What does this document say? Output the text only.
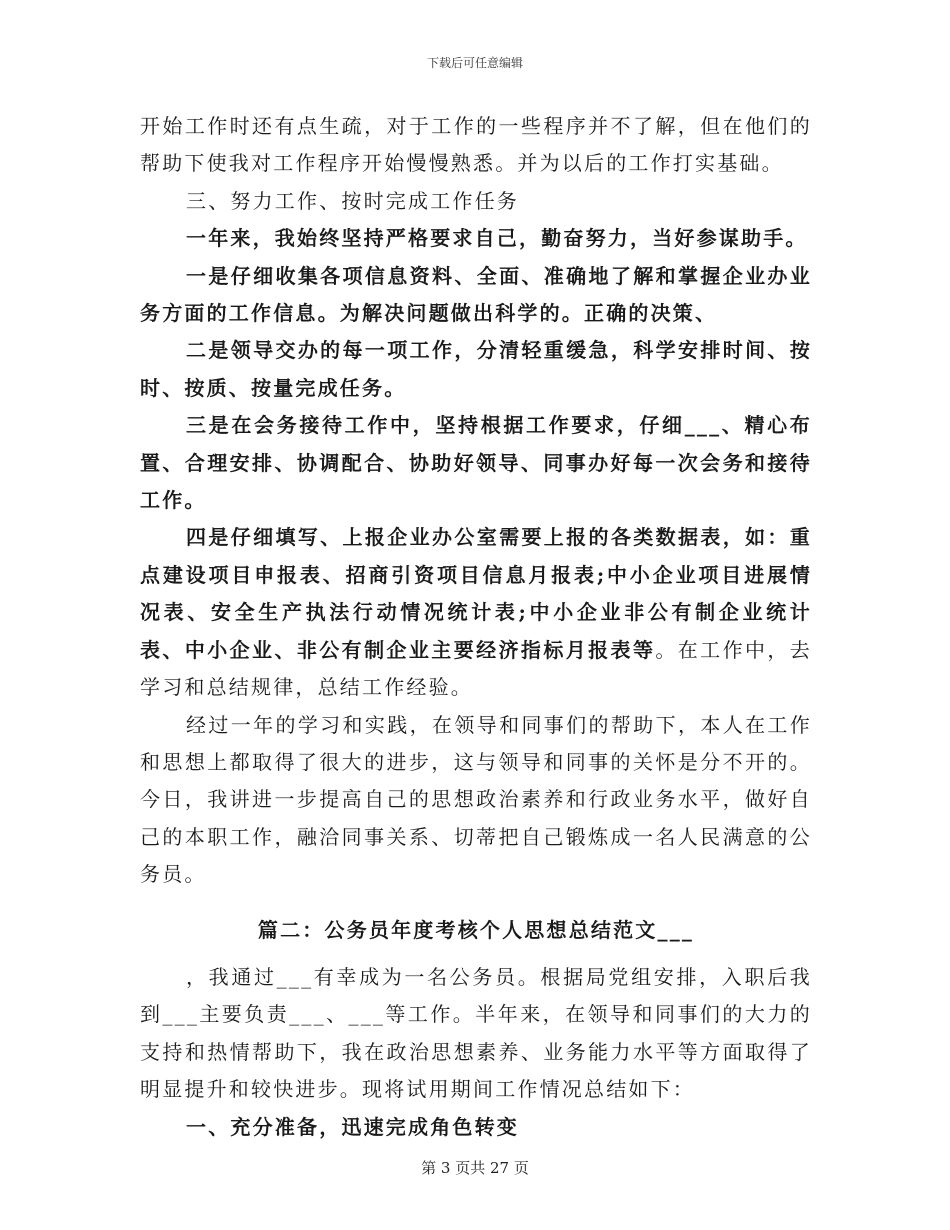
下载后可任意编辑

开始工作时还有点生疏，对于工作的一些程序并不了解，但在他们的帮助下使我对工作程序开始慢慢熟悉。并为以后的工作打实基础。

三、努力工作、按时完成工作任务

一年来，我始终坚持严格要求自己，勤奋努力，当好参谋助手。

一是仔细收集各项信息资料、全面、准确地了解和掌握企业办业务方面的工作信息。为解决问题做出科学的。正确的决策、

二是领导交办的每一项工作，分清轻重缓急，科学安排时间、按时、按质、按量完成任务。

三是在会务接待工作中，坚持根据工作要求，仔细___、精心布置、合理安排、协调配合、协助好领导、同事办好每一次会务和接待工作。

四是仔细填写、上报企业办公室需要上报的各类数据表，如：重点建设项目申报表、招商引资项目信息月报表;中小企业项目进展情况表、安全生产执法行动情况统计表;中小企业非公有制企业统计表、中小企业、非公有制企业主要经济指标月报表等。在工作中，去学习和总结规律，总结工作经验。

经过一年的学习和实践，在领导和同事们的帮助下，本人在工作和思想上都取得了很大的进步，这与领导和同事的关怀是分不开的。今日，我讲进一步提高自己的思想政治素养和行政业务水平，做好自己的本职工作，融洽同事关系、切蒂把自己锻炼成一名人民满意的公务员。

篇二：公务员年度考核个人思想总结范文___

，我通过___有幸成为一名公务员。根据局党组安排，入职后我到___主要负责___、___等工作。半年来，在领导和同事们的大力的支持和热情帮助下，我在政治思想素养、业务能力水平等方面取得了明显提升和较快进步。现将试用期间工作情况总结如下：

一、充分准备，迅速完成角色转变

第 3 页共 27 页
